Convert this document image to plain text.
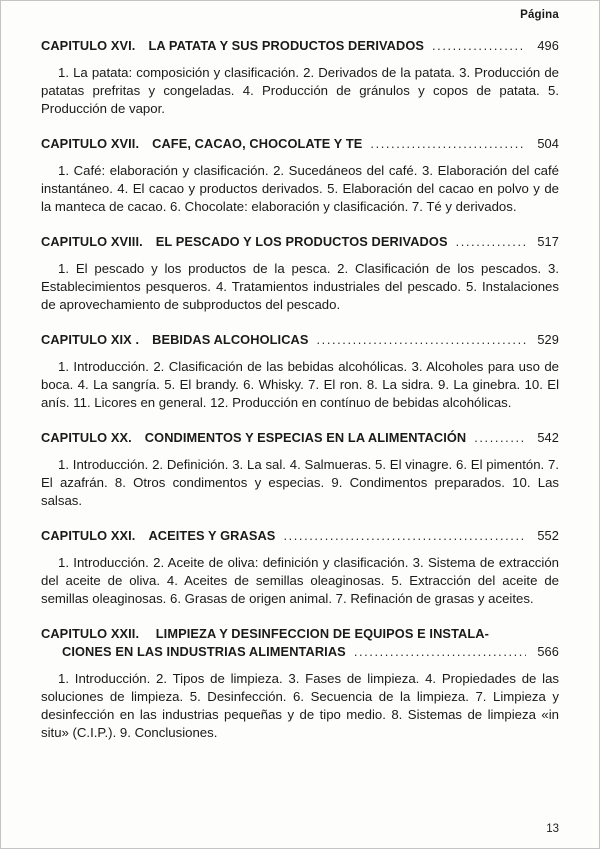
Página
CAPITULO XVI. LA PATATA Y SUS PRODUCTOS DERIVADOS .....	496

1. La patata: composición y clasificación. 2. Derivados de la patata. 3. Producción de patatas prefritas y congeladas. 4. Producción de gránulos y copos de patata. 5. Producción de vapor.

CAPITULO XVII. CAFE, CACAO, CHOCOLATE Y TE .....	504

1. Café: elaboración y clasificación. 2. Sucedáneos del café. 3. Elaboración del café instantáneo. 4. El cacao y productos derivados. 5. Elaboración del cacao en polvo y de la manteca de cacao. 6. Chocolate: elaboración y clasificación. 7. Té y derivados.

CAPITULO XVIII. EL PESCADO Y LOS PRODUCTOS DERIVADOS .....	517

1. El pescado y los productos de la pesca. 2. Clasificación de los pescados. 3. Establecimientos pesqueros. 4. Tratamientos industriales del pescado. 5. Instalaciones de aprovechamiento de subproductos del pescado.

CAPITULO XIX . BEBIDAS ALCOHOLICAS .....	529

1. Introducción. 2. Clasificación de las bebidas alcohólicas. 3. Alcoholes para uso de boca. 4. La sangría. 5. El brandy. 6. Whisky. 7. El ron. 8. La sidra. 9. La ginebra. 10. El anís. 11. Licores en general. 12. Producción en contínuo de bebidas alcohólicas.

CAPITULO XX. CONDIMENTOS Y ESPECIAS EN LA ALIMENTACIÓN .....	542

1. Introducción. 2. Definición. 3. La sal. 4. Salmueras. 5. El vinagre. 6. El pimentón. 7. El azafrán. 8. Otros condimentos y especias. 9. Condimentos preparados. 10. Las salsas.

CAPITULO XXI. ACEITES Y GRASAS .....	552

1. Introducción. 2. Aceite de oliva: definición y clasificación. 3. Sistema de extracción del aceite de oliva. 4. Aceites de semillas oleaginosas. 5. Extracción del aceite de semillas oleaginosas. 6. Grasas de origen animal. 7. Refinación de grasas y aceites.

CAPITULO XXII. LIMPIEZA Y DESINFECCION DE EQUIPOS E INSTALA-
CIONES EN LAS INDUSTRIAS ALIMENTARIAS .....	566

1. Introducción. 2. Tipos de limpieza. 3. Fases de limpieza. 4. Propiedades de las soluciones de limpieza. 5. Desinfección. 6. Secuencia de la limpieza. 7. Limpieza y desinfección en las industrias pequeñas y de tipo medio. 8. Sistemas de limpieza «in situ» (C.I.P.). 9. Conclusiones.

13
